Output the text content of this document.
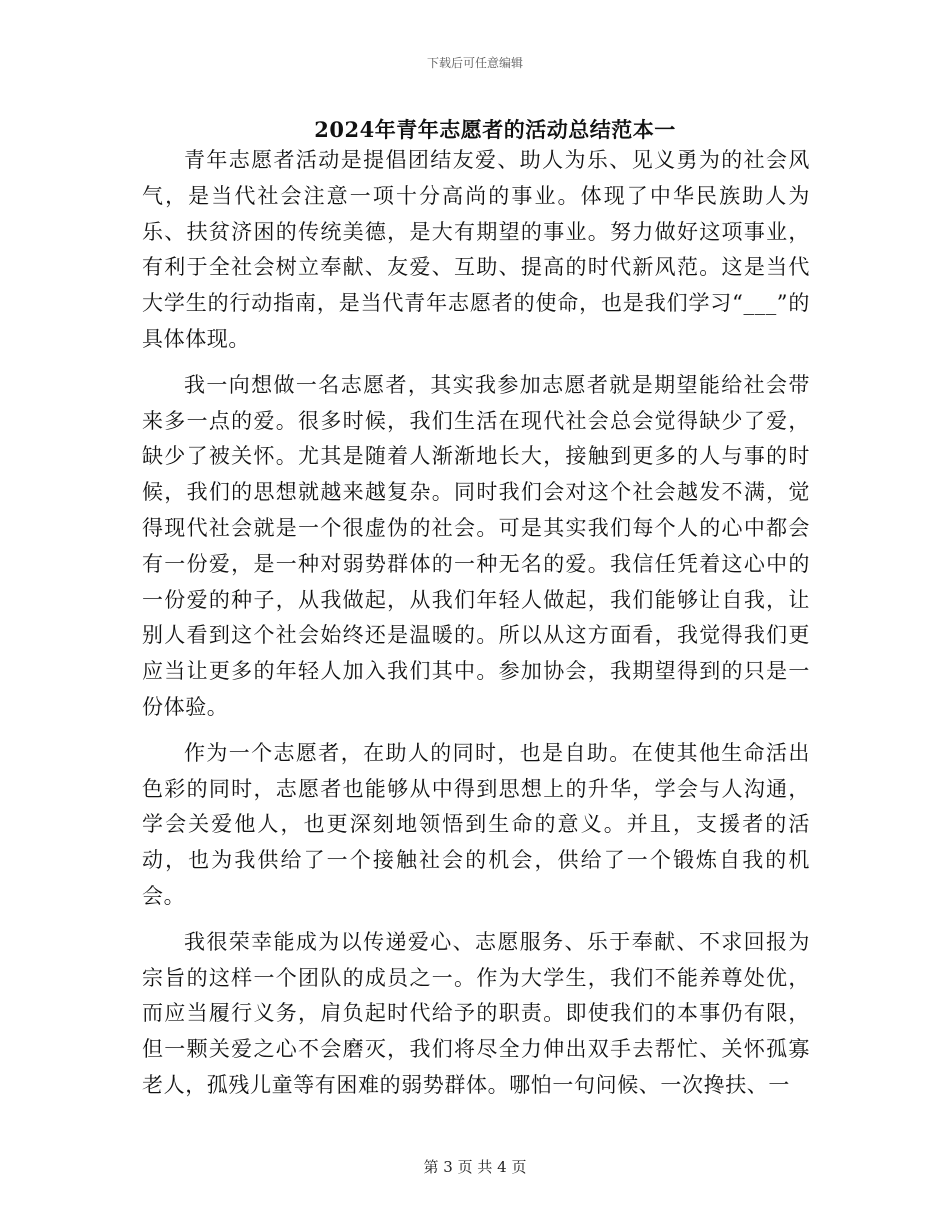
下载后可任意编辑
2024年青年志愿者的活动总结范本一

青年志愿者活动是提倡团结友爱、助人为乐、见义勇为的社会风气，是当代社会注意一项十分高尚的事业。体现了中华民族助人为乐、扶贫济困的传统美德，是大有期望的事业。努力做好这项事业，有利于全社会树立奉献、友爱、互助、提高的时代新风范。这是当代大学生的行动指南，是当代青年志愿者的使命，也是我们学习“___”的具体体现。

我一向想做一名志愿者，其实我参加志愿者就是期望能给社会带来多一点的爱。很多时候，我们生活在现代社会总会觉得缺少了爱，缺少了被关怀。尤其是随着人渐渐地长大，接触到更多的人与事的时候，我们的思想就越来越复杂。同时我们会对这个社会越发不满，觉得现代社会就是一个很虚伪的社会。可是其实我们每个人的心中都会有一份爱，是一种对弱势群体的一种无名的爱。我信任凭着这心中的一份爱的种子，从我做起，从我们年轻人做起，我们能够让自我，让别人看到这个社会始终还是温暖的。所以从这方面看，我觉得我们更应当让更多的年轻人加入我们其中。参加协会，我期望得到的只是一份体验。

作为一个志愿者，在助人的同时，也是自助。在使其他生命活出色彩的同时，志愿者也能够从中得到思想上的升华，学会与人沟通，学会关爱他人，也更深刻地领悟到生命的意义。并且，支援者的活动，也为我供给了一个接触社会的机会，供给了一个锻炼自我的机会。

我很荣幸能成为以传递爱心、志愿服务、乐于奉献、不求回报为宗旨的这样一个团队的成员之一。作为大学生，我们不能养尊处优，而应当履行义务，肩负起时代给予的职责。即使我们的本事仍有限，但一颗关爱之心不会磨灭，我们将尽全力伸出双手去帮忙、关怀孤寡老人，孤残儿童等有困难的弱势群体。哪怕一句问候、一次搀扶、一

第 3 页 共 4 页
